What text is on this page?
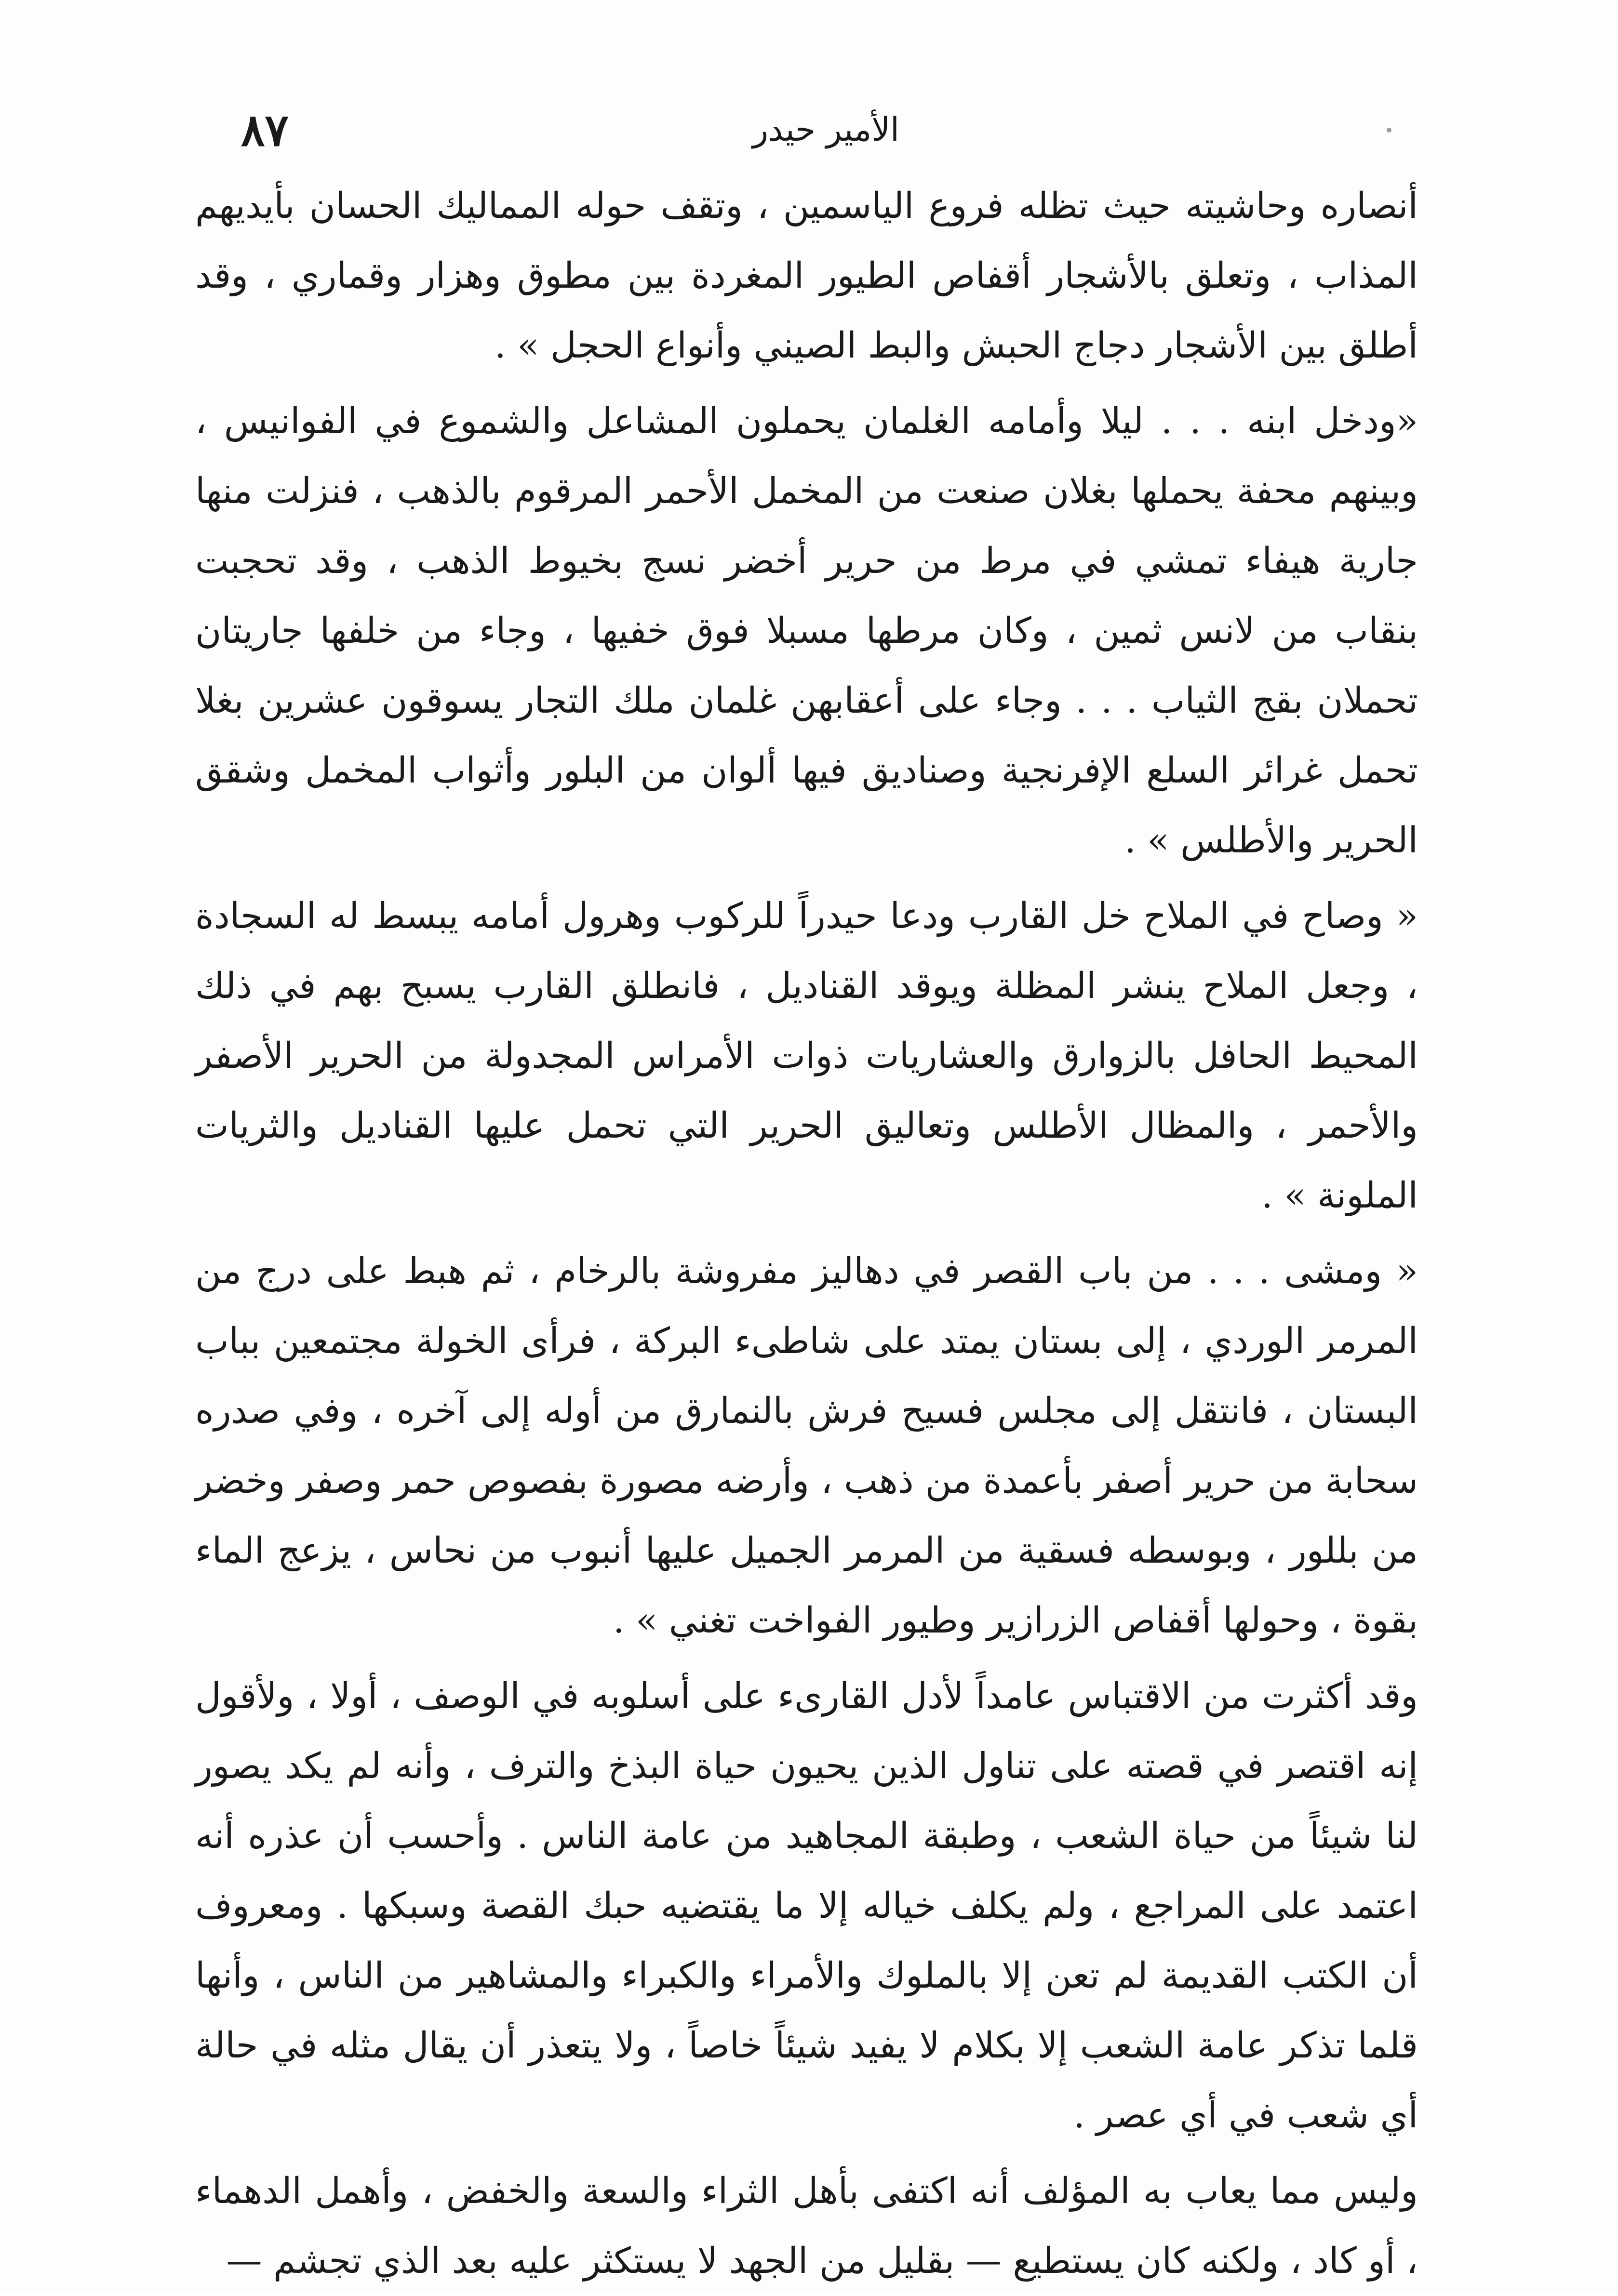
الأمير حيدر
٨٧

أنصاره وحاشيته حيث تظله فروع الياسمين ، وتقف حوله المماليك الحسان بأيديهم المذاب ، وتعلق بالأشجار أقفاص الطيور المغردة بين مطوق وهزار وقماري ، وقد أطلق بين الأشجار دجاج الحبش والبط الصيني وأنواع الحجل » .

«ودخل ابنه . . . ليلا وأمامه الغلمان يحملون المشاعل والشموع في الفوانيس ، وبينهم محفة يحملها بغلان صنعت من المخمل الأحمر المرقوم بالذهب ، فنزلت منها جارية هيفاء تمشي في مرط من حرير أخضر نسج بخيوط الذهب ، وقد تحجبت بنقاب من لانس ثمين ، وكان مرطها مسبلا فوق خفيها ، وجاء من خلفها جاريتان تحملان بقج الثياب . . . وجاء على أعقابهن غلمان ملك التجار يسوقون عشرين بغلا تحمل غرائر السلع الإفرنجية وصناديق فيها ألوان من البلور وأثواب المخمل وشقق الحرير والأطلس » .

« وصاح في الملاح خل القارب ودعا حيدراً للركوب وهرول أمامه يبسط له السجادة ، وجعل الملاح ينشر المظلة ويوقد القناديل ، فانطلق القارب يسبح بهم في ذلك المحيط الحافل بالزوارق والعشاريات ذوات الأمراس المجدولة من الحرير الأصفر والأحمر ، والمظال الأطلس وتعاليق الحرير التي تحمل عليها القناديل والثريات الملونة » .

« ومشى . . . من باب القصر في دهاليز مفروشة بالرخام ، ثم هبط على درج من المرمر الوردي ، إلى بستان يمتد على شاطىء البركة ، فرأى الخولة مجتمعين بباب البستان ، فانتقل إلى مجلس فسيح فرش بالنمارق من أوله إلى آخره ، وفي صدره سحابة من حرير أصفر بأعمدة من ذهب ، وأرضه مصورة بفصوص حمر وصفر وخضر من بللور ، وبوسطه فسقية من المرمر الجميل عليها أنبوب من نحاس ، يزعج الماء بقوة ، وحولها أقفاص الزرازير وطيور الفواخت تغني » .

وقد أكثرت من الاقتباس عامداً لأدل القارىء على أسلوبه في الوصف ، أولا ، ولأقول إنه اقتصر في قصته على تناول الذين يحيون حياة البذخ والترف ، وأنه لم يكد يصور لنا شيئاً من حياة الشعب ، وطبقة المجاهيد من عامة الناس . وأحسب أن عذره أنه اعتمد على المراجع ، ولم يكلف خياله إلا ما يقتضيه حبك القصة وسبكها . ومعروف أن الكتب القديمة لم تعن إلا بالملوك والأمراء والكبراء والمشاهير من الناس ، وأنها قلما تذكر عامة الشعب إلا بكلام لا يفيد شيئاً خاصاً ، ولا يتعذر أن يقال مثله في حالة أي شعب في أي عصر .

وليس مما يعاب به المؤلف أنه اكتفى بأهل الثراء والسعة والخفض ، وأهمل الدهماء ، أو كاد ، ولكنه كان يستطيع — بقليل من الجهد لا يستكثر عليه بعد الذي تجشم —
